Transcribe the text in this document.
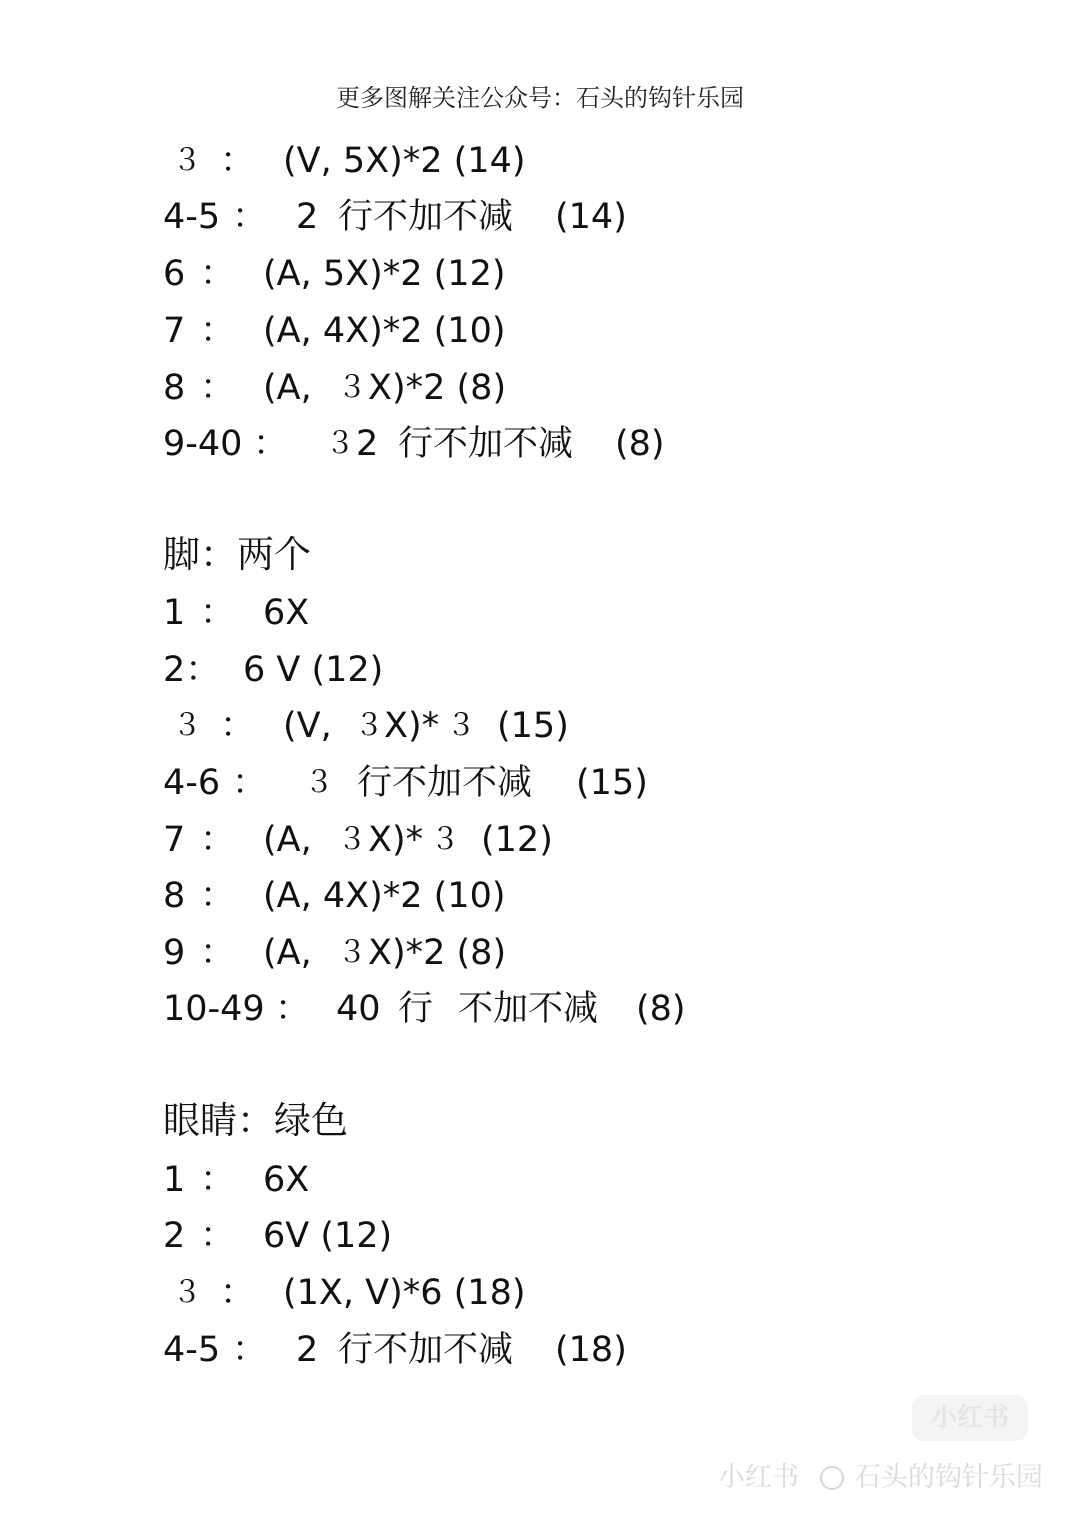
更多图解关注公众号：石头的钩针乐园
３ ： (V, 5X)*2 (14)
4-5 ： 2 行不加不减 (14)
6 ： (A, 5X)*2 (12)
7 ： (A, 4X)*2 (10)
8 ： (A, ３ X)*2 (8)
9-40 ： ３ 2 行不加不减 (8)
脚：两个
1 ： 6X
2： 6 V (12)
３ ： (V, ３ X)* ３ (15)
4-6 ： ３ 行不加不减 (15)
7 ： (A, ３ X)* ３ (12)
8 ： (A, 4X)*2 (10)
9 ： (A, ３ X)*2 (8)
10-49 ： 40 行 不加不减 (8)
眼睛：绿色
1 ： 6X
2 ： 6V (12)
３ ： (1X, V)*6 (18)
4-5 ： 2 行不加不减 (18)
小红书
小红书 石头的钩针乐园
